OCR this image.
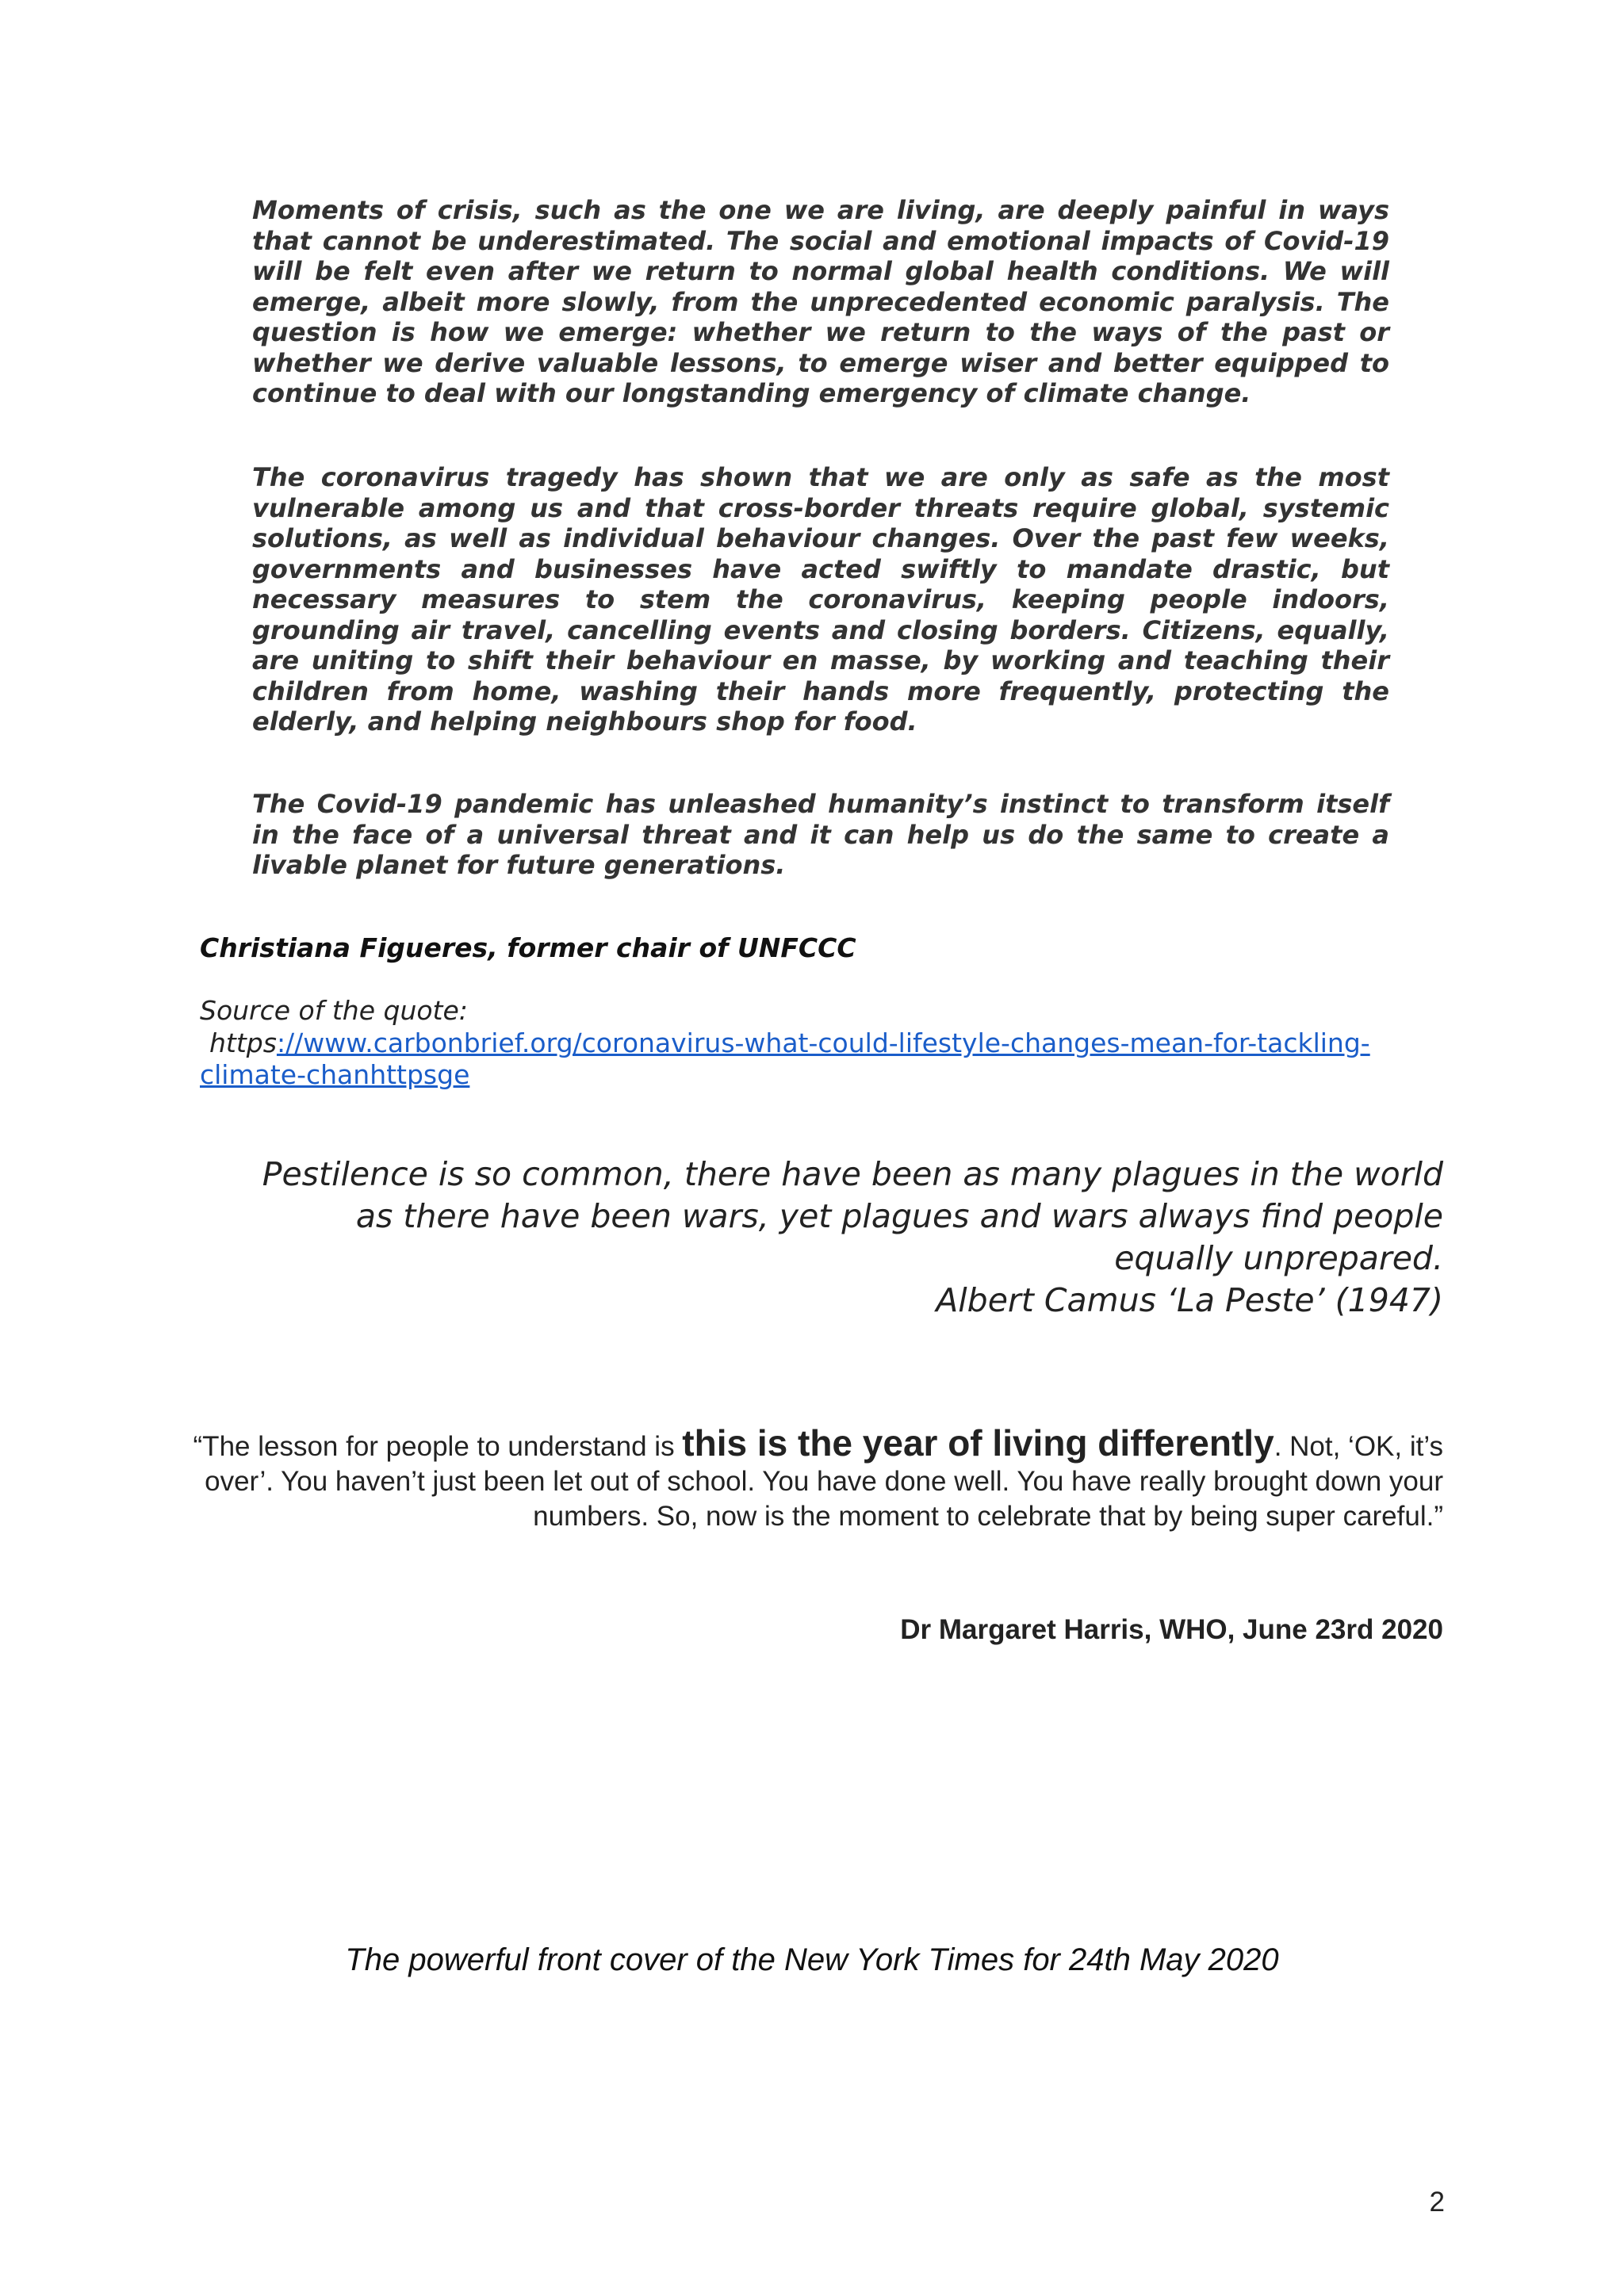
Moments of crisis, such as the one we are living, are deeply painful in ways that cannot be underestimated. The social and emotional impacts of Covid-19 will be felt even after we return to normal global health conditions. We will emerge, albeit more slowly, from the unprecedented economic paralysis. The question is how we emerge: whether we return to the ways of the past or whether we derive valuable lessons, to emerge wiser and better equipped to continue to deal with our longstanding emergency of climate change.

The coronavirus tragedy has shown that we are only as safe as the most vulnerable among us and that cross-border threats require global, systemic solutions, as well as individual behaviour changes. Over the past few weeks, governments and businesses have acted swiftly to mandate drastic, but necessary measures to stem the coronavirus, keeping people indoors, grounding air travel, cancelling events and closing borders. Citizens, equally, are uniting to shift their behaviour en masse, by working and teaching their children from home, washing their hands more frequently, protecting the elderly, and helping neighbours shop for food.

The Covid-19 pandemic has unleashed humanity’s instinct to transform itself in the face of a universal threat and it can help us do the same to create a livable planet for future generations.

Christiana Figueres, former chair of UNFCCC

Source of the quote:

https://www.carbonbrief.org/coronavirus-what-could-lifestyle-changes-mean-for-tackling-climate-chanhttpsge

Pestilence is so common, there have been as many plagues in the world
as there have been wars, yet plagues and wars always find people
equally unprepared.
Albert Camus ‘La Peste’ (1947)

“The lesson for people to understand is this is the year of living differently. Not, ‘OK, it’s over’. You haven’t just been let out of school. You have done well. You have really brought down your numbers. So, now is the moment to celebrate that by being super careful.”

Dr Margaret Harris, WHO, June 23rd 2020

The powerful front cover of the New York Times for 24th May 2020

2
